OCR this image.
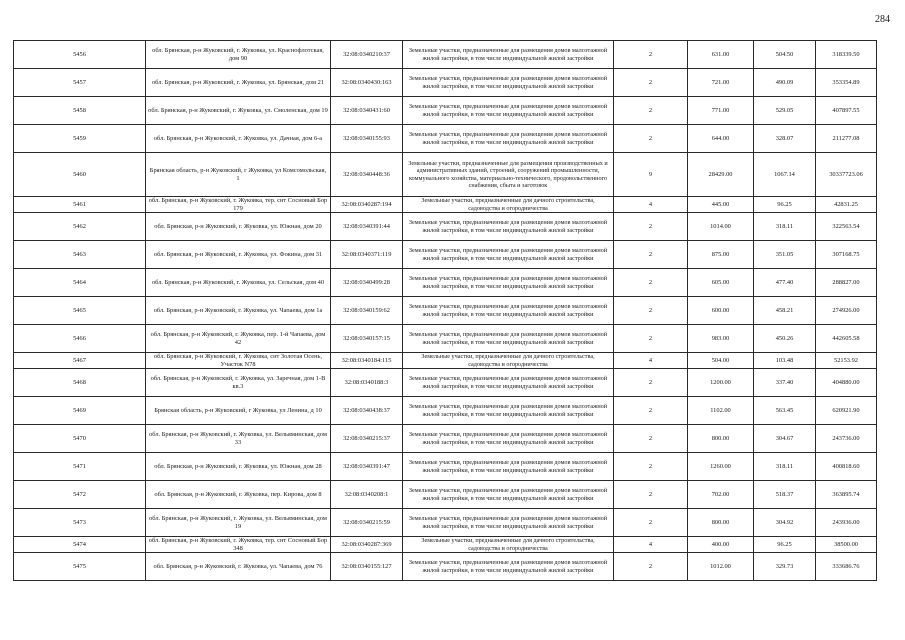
284
5456	обл. Брянская, р-н Жуковский, г. Жуковка, ул. Краснофлотская, дом 90	32:08:0340210:37	Земельные участки, предназначенные для размещения домов малоэтажной жилой застройки, в том числе индивидуальной жилой застройки	2	631.00	504.50	318339.50
5457	обл. Брянская, р-н Жуковский, г. Жуковка, ул. Брянская, дом 21	32:08:0340430:163	Земельные участки, предназначенные для размещения домов малоэтажной жилой застройки, в том числе индивидуальной жилой застройки	2	721.00	490.09	353354.89
5458	обл. Брянская, р-н Жуковский, г. Жуковка, ул. Смоленская, дом 19	32:08:0340431:60	Земельные участки, предназначенные для размещения домов малоэтажной жилой застройки, в том числе индивидуальной жилой застройки	2	771.00	529.05	407897.55
5459	обл. Брянская, р-н Жуковский, г. Жуковка, ул. Дачная, дом 6-а	32:08:0340155:93	Земельные участки, предназначенные для размещения домов малоэтажной жилой застройки, в том числе индивидуальной жилой застройки	2	644.00	328.07	211277.08
5460	Брянская область, р-н Жуковский, г Жуковка, ул Комсомольская, 1	32:08:0340448:36	Земельные участки, предназначенные для размещения производственных и административных зданий, строений, сооружений промышленности, коммунального хозяйства, материально-технического, продовольственного снабжения, сбыта и заготовок	9	28429.00	1067.14	30337723.06
5461	обл. Брянская, р-н Жуковский, г. Жуковка, тер. снт Сосновый Бор 179	32:08:0340287:194	Земельные участки, предназначенные для дачного строительства, садоводства и огородничества	4	445.00	96.25	42831.25
5462	обл. Брянская, р-н Жуковский, г. Жуковка, ул. Южная, дом 20	32:08:0340391:44	Земельные участки, предназначенные для размещения домов малоэтажной жилой застройки, в том числе индивидуальной жилой застройки	2	1014.00	318.11	322563.54
5463	обл. Брянская, р-н Жуковский, г. Жуковка, ул. Фокина, дом 31	32:08:0340371:119	Земельные участки, предназначенные для размещения домов малоэтажной жилой застройки, в том числе индивидуальной жилой застройки	2	875.00	351.05	307168.75
5464	обл. Брянская, р-н Жуковский, г. Жуковка, ул. Сельская, дом 40	32:08:0340499:28	Земельные участки, предназначенные для размещения домов малоэтажной жилой застройки, в том числе индивидуальной жилой застройки	2	605.00	477.40	288827.00
5465	обл. Брянская, р-н Жуковский, г. Жуковка, ул. Чапаева, дом 1а	32:08:0340159:62	Земельные участки, предназначенные для размещения домов малоэтажной жилой застройки, в том числе индивидуальной жилой застройки	2	600.00	458.21	274926.00
5466	обл. Брянская, р-н Жуковский, г. Жуковка, пер. 1-й Чапаева, дом 42	32:08:0340157:15	Земельные участки, предназначенные для размещения домов малоэтажной жилой застройки, в том числе индивидуальной жилой застройки	2	983.00	450.26	442605.58
5467	обл. Брянская, р-н Жуковский, г. Жуковка, снт Золотая Осень, Участок N78	32:08:0340184:115	Земельные участки, предназначенные для дачного строительства, садоводства и огородничества	4	504.00	103.48	52153.92
5468	обл. Брянская, р-н Жуковский, г. Жуковка, ул. Заречная, дом 1-В кв.3	32:08:0340188:3	Земельные участки, предназначенные для размещения домов малоэтажной жилой застройки, в том числе индивидуальной жилой застройки	2	1200.00	337.40	404880.00
5469	Брянская область, р-н Жуковский, г Жуковка, ул Ленина, д 10	32:08:0340438:37	Земельные участки, предназначенные для размещения домов малоэтажной жилой застройки, в том числе индивидуальной жилой застройки	2	1102.00	563.45	620921.90
5470	обл. Брянская, р-н Жуковский, г. Жуковка, ул. Вельяминская, дом 33	32:08:0340215:37	Земельные участки, предназначенные для размещения домов малоэтажной жилой застройки, в том числе индивидуальной жилой застройки	2	800.00	304.67	243736.00
5471	обл. Брянская, р-н Жуковский, г. Жуковка, ул. Южная, дом 28	32:08:0340391:47	Земельные участки, предназначенные для размещения домов малоэтажной жилой застройки, в том числе индивидуальной жилой застройки	2	1260.00	318.11	400818.60
5472	обл. Брянская, р-н Жуковский, г. Жуковка, пер. Кирова, дом 8	32:08:0340208:1	Земельные участки, предназначенные для размещения домов малоэтажной жилой застройки, в том числе индивидуальной жилой застройки	2	702.00	518.37	363895.74
5473	обл. Брянская, р-н Жуковский, г. Жуковка, ул. Вельяминская, дом 19	32:08:0340215:59	Земельные участки, предназначенные для размещения домов малоэтажной жилой застройки, в том числе индивидуальной жилой застройки	2	800.00	304.92	243936.00
5474	обл. Брянская, р-н Жуковский, г. Жуковка, тер. снт Сосновый Бор 348	32:08:0340287:369	Земельные участки, предназначенные для дачного строительства, садоводства и огородничества	4	400.00	96.25	38500.00
5475	обл. Брянская, р-н Жуковский, г. Жуковка, ул. Чапаева, дом 76	32:08:0340155:127	Земельные участки, предназначенные для размещения домов малоэтажной жилой застройки, в том числе индивидуальной жилой застройки	2	1012.00	329.73	333686.76
